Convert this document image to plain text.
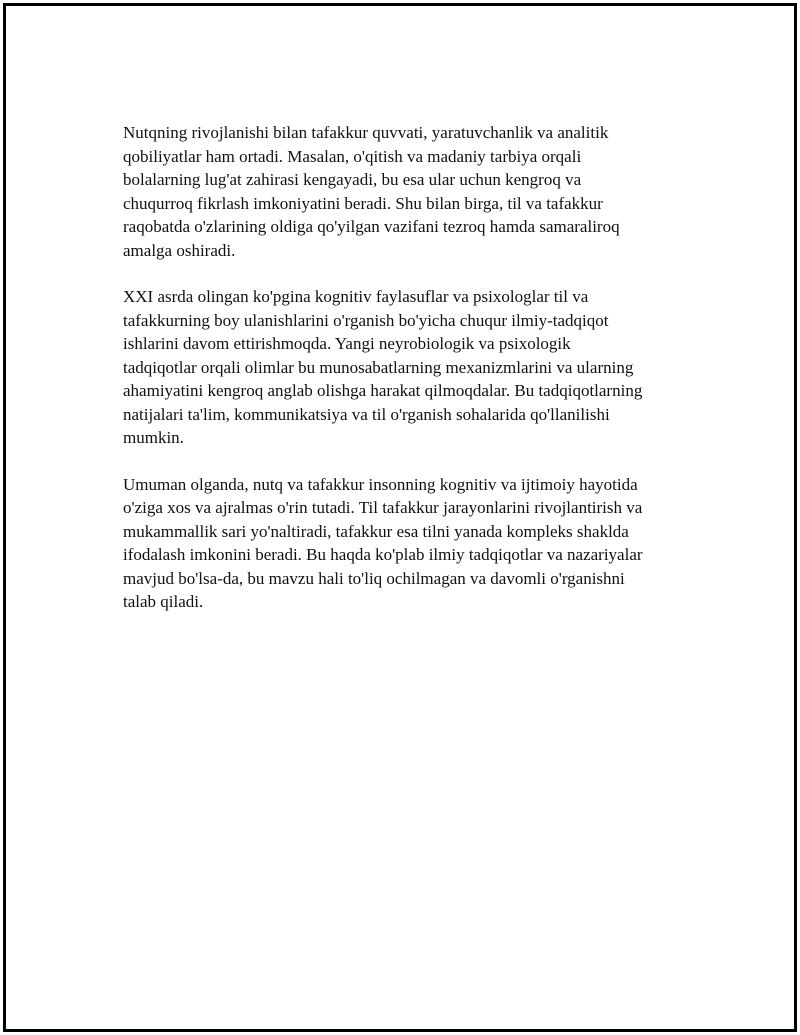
Nutqning rivojlanishi bilan tafakkur quvvati, yaratuvchanlik va analitik
qobiliyatlar ham ortadi. Masalan, o'qitish va madaniy tarbiya orqali
bolalarning lug'at zahirasi kengayadi, bu esa ular uchun kengroq va
chuqurroq fikrlash imkoniyatini beradi. Shu bilan birga, til va tafakkur
raqobatda o'zlarining oldiga qo'yilgan vazifani tezroq hamda samaraliroq
amalga oshiradi.

XXI asrda olingan ko'pgina kognitiv faylasuflar va psixologlar til va
tafakkurning boy ulanishlarini o'rganish bo'yicha chuqur ilmiy-tadqiqot
ishlarini davom ettirishmoqda. Yangi neyrobiologik va psixologik
tadqiqotlar orqali olimlar bu munosabatlarning mexanizmlarini va ularning
ahamiyatini kengroq anglab olishga harakat qilmoqdalar. Bu tadqiqotlarning
natijalari ta'lim, kommunikatsiya va til o'rganish sohalarida qo'llanilishi
mumkin.

Umuman olganda, nutq va tafakkur insonning kognitiv va ijtimoiy hayotida
o'ziga xos va ajralmas o'rin tutadi. Til tafakkur jarayonlarini rivojlantirish va
mukammallik sari yo'naltiradi, tafakkur esa tilni yanada kompleks shaklda
ifodalash imkonini beradi. Bu haqda ko'plab ilmiy tadqiqotlar va nazariyalar
mavjud bo'lsa-da, bu mavzu hali to'liq ochilmagan va davomli o'rganishni
talab qiladi.
